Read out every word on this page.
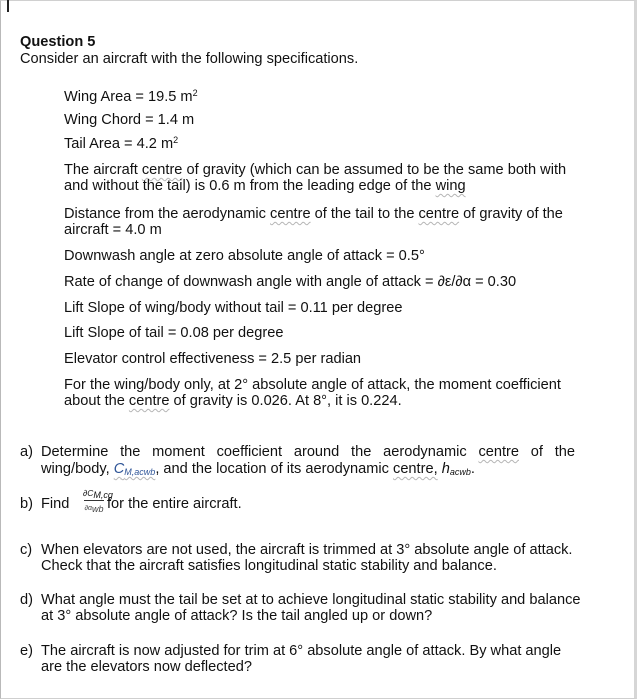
Question 5
Consider an aircraft with the following specifications.
Wing Area = 19.5 $m^2$
Wing Chord = 1.4 m
Tail Area = 4.2 $m^2$
The aircraft centre of gravity (which can be assumed to be the same both with
and without the tail) is 0.6 m from the leading edge of the wing
Distance from the aerodynamic centre of the tail to the centre of gravity of the
aircraft = 4.0 m
Downwash angle at zero absolute angle of attack = 0.5°
Rate of change of downwash angle with angle of attack = ∂ε/∂α = 0.30
Lift Slope of wing/body without tail = 0.11 per degree
Lift Slope of tail = 0.08 per degree
Elevator control effectiveness = 2.5 per radian
For the wing/body only, at 2° absolute angle of attack, the moment coefficient
about the centre of gravity is 0.026. At 8°, it is 0.224.
a) Determine the moment coefficient around the aerodynamic centre of the
wing/body, $C_{M,acwb}$, and the location of its aerodynamic centre, $h_{acwb}$.
b) Find
$\partial C_{M,cg}$
$\partial\alpha_{wb}$ for the entire aircraft.
c) When elevators are not used, the aircraft is trimmed at 3° absolute angle of attack.
Check that the aircraft satisfies longitudinal static stability and balance.
d) What angle must the tail be set at to achieve longitudinal static stability and balance
at 3° absolute angle of attack? Is the tail angled up or down?
e) The aircraft is now adjusted for trim at 6° absolute angle of attack. By what angle
are the elevators now deflected?
